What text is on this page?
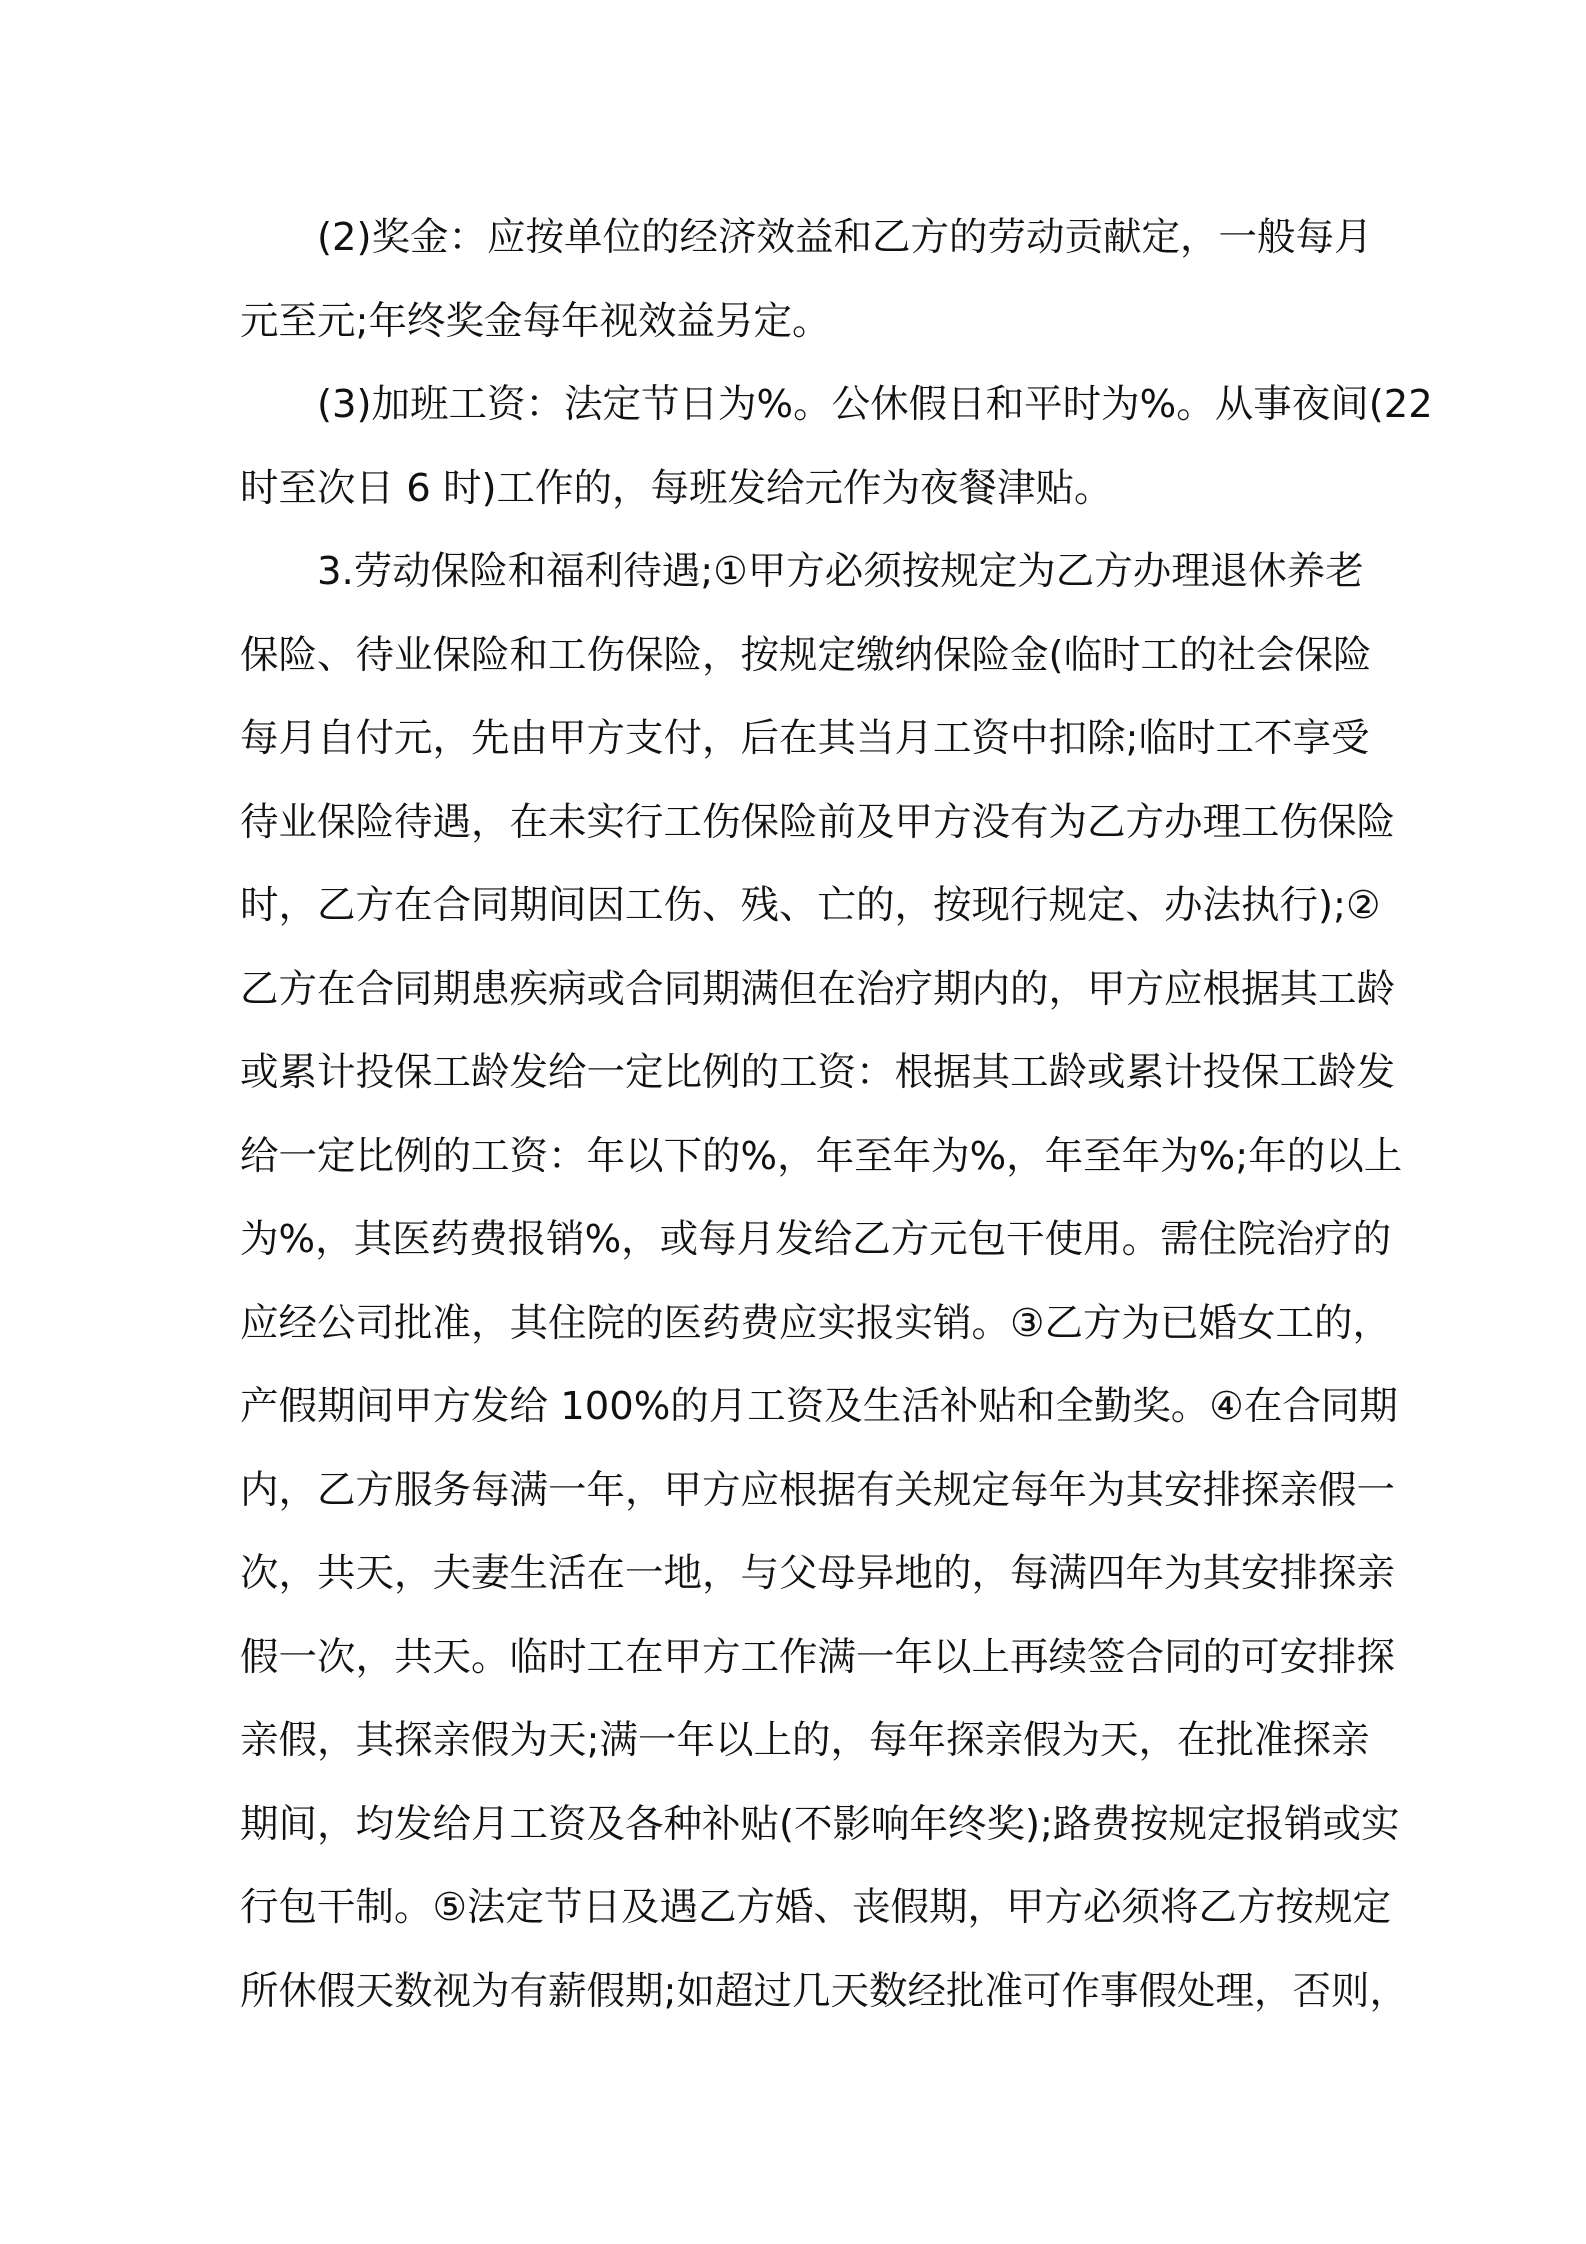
(2)奖金：应按单位的经济效益和乙方的劳动贡献定，一般每月
元至元;年终奖金每年视效益另定。
(3)加班工资：法定节日为%。公休假日和平时为%。从事夜间(22
时至次日 6 时)工作的，每班发给元作为夜餐津贴。
3.劳动保险和福利待遇;①甲方必须按规定为乙方办理退休养老
保险、待业保险和工伤保险，按规定缴纳保险金(临时工的社会保险
每月自付元，先由甲方支付，后在其当月工资中扣除;临时工不享受
待业保险待遇，在未实行工伤保险前及甲方没有为乙方办理工伤保险
时，乙方在合同期间因工伤、残、亡的，按现行规定、办法执行);②
乙方在合同期患疾病或合同期满但在治疗期内的，甲方应根据其工龄
或累计投保工龄发给一定比例的工资：根据其工龄或累计投保工龄发
给一定比例的工资：年以下的%，年至年为%，年至年为%;年的以上
为%，其医药费报销%，或每月发给乙方元包干使用。需住院治疗的
应经公司批准，其住院的医药费应实报实销。③乙方为已婚女工的，
产假期间甲方发给 100%的月工资及生活补贴和全勤奖。④在合同期
内，乙方服务每满一年，甲方应根据有关规定每年为其安排探亲假一
次，共天，夫妻生活在一地，与父母异地的，每满四年为其安排探亲
假一次，共天。临时工在甲方工作满一年以上再续签合同的可安排探
亲假，其探亲假为天;满一年以上的，每年探亲假为天，在批准探亲
期间，均发给月工资及各种补贴(不影响年终奖);路费按规定报销或实
行包干制。⑤法定节日及遇乙方婚、丧假期，甲方必须将乙方按规定
所休假天数视为有薪假期;如超过几天数经批准可作事假处理，否则，
